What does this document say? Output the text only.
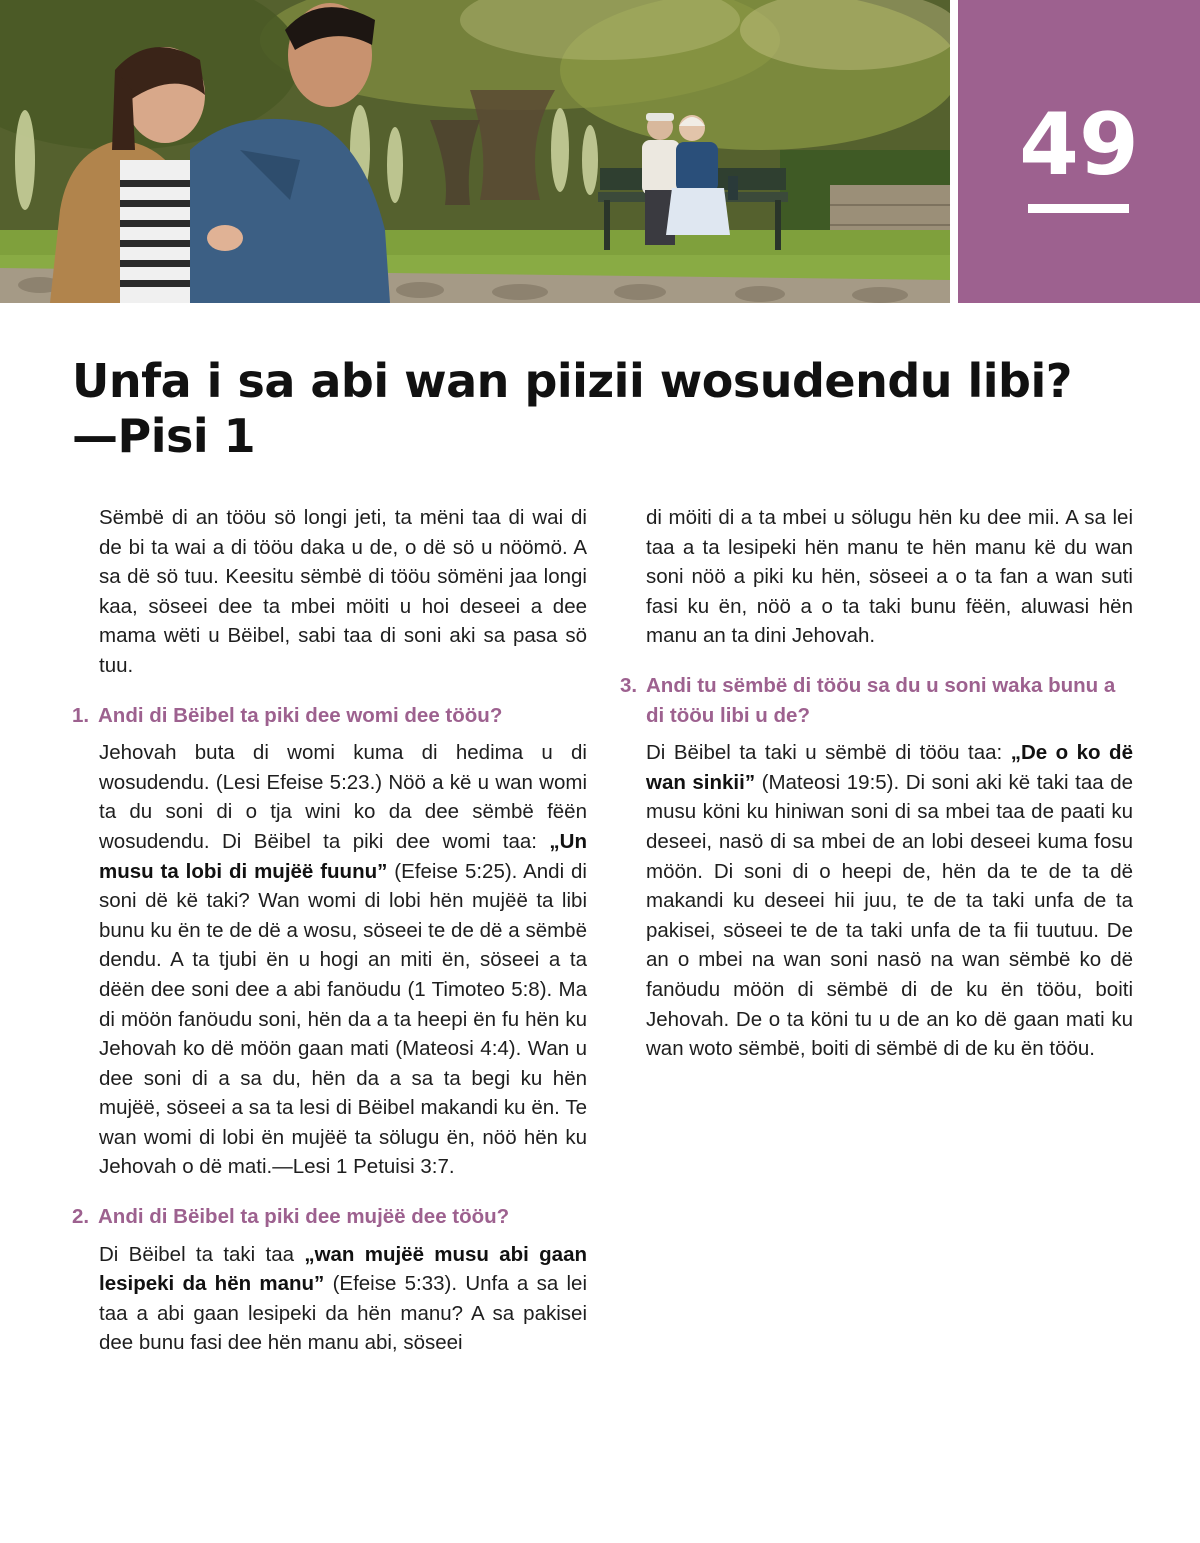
49
Unfa i sa abi wan piizii wosudendu libi?
—Pisi 1

Sëmbë di an tööu sö longi jeti, ta mëni taa di wai di de bi ta wai a di tööu daka u de, o dë sö u nöömö. A sa dë sö tuu. Keesitu sëmbë di tööu sömëni jaa longi kaa, söseei dee ta mbei möiti u hoi deseei a dee mama wëti u Bëibel, sabi taa di soni aki sa pasa sö tuu.

1. Andi di Bëibel ta piki dee womi dee tööu?

Jehovah buta di womi kuma di hedima u di wosudendu. (Lesi Efeise 5:23.) Nöö a kë u wan womi ta du soni di o tja wini ko da dee sëmbë fëën wosudendu. Di Bëibel ta piki dee womi taa: „Un musu ta lobi di mujëë fuunu” (Efeise 5:25). Andi di soni dë kë taki? Wan womi di lobi hën mujëë ta libi bunu ku ën te de dë a wosu, söseei te de dë a sëmbë dendu. A ta tjubi ën u hogi an miti ën, söseei a ta dëën dee soni dee a abi fanöudu (1 Timoteo 5:8). Ma di möön fanöudu soni, hën da a ta heepi ën fu hën ku Jehovah ko dë möön gaan mati (Mateosi 4:4). Wan u dee soni di a sa du, hën da a sa ta begi ku hën mujëë, söseei a sa ta lesi di Bëibel makandi ku ën. Te wan womi di lobi ën mujëë ta sölugu ën, nöö hën ku Jehovah o dë mati.—Lesi 1 Petuisi 3:7.

2. Andi di Bëibel ta piki dee mujëë dee tööu?

Di Bëibel ta taki taa „wan mujëë musu abi gaan lesipeki da hën manu” (Efeise 5:33). Unfa a sa lei taa a abi gaan lesipeki da hën manu? A sa pakisei dee bunu fasi dee hën manu abi, söseei

di möiti di a ta mbei u sölugu hën ku dee mii. A sa lei taa a ta lesipeki hën manu te hën manu kë du wan soni nöö a piki ku hën, söseei a o ta fan a wan suti fasi ku ën, nöö a o ta taki bunu fëën, aluwasi hën manu an ta dini Jehovah.

3. Andi tu sëmbë di tööu sa du u soni waka bunu a di tööu libi u de?

Di Bëibel ta taki u sëmbë di tööu taa: „De o ko dë wan sinkii” (Mateosi 19:5). Di soni aki kë taki taa de musu köni ku hiniwan soni di sa mbei taa de paati ku deseei, nasö di sa mbei de an lobi deseei kuma fosu möön. Di soni di o heepi de, hën da te de ta dë makandi ku deseei hii juu, te de ta taki unfa de ta pakisei, söseei te de ta taki unfa de ta fii tuutuu. De an o mbei na wan soni nasö na wan sëmbë ko dë fanöudu möön di sëmbë di de ku ën tööu, boiti Jehovah. De o ta köni tu u de an ko dë gaan mati ku wan woto sëmbë, boiti di sëmbë di de ku ën tööu.
